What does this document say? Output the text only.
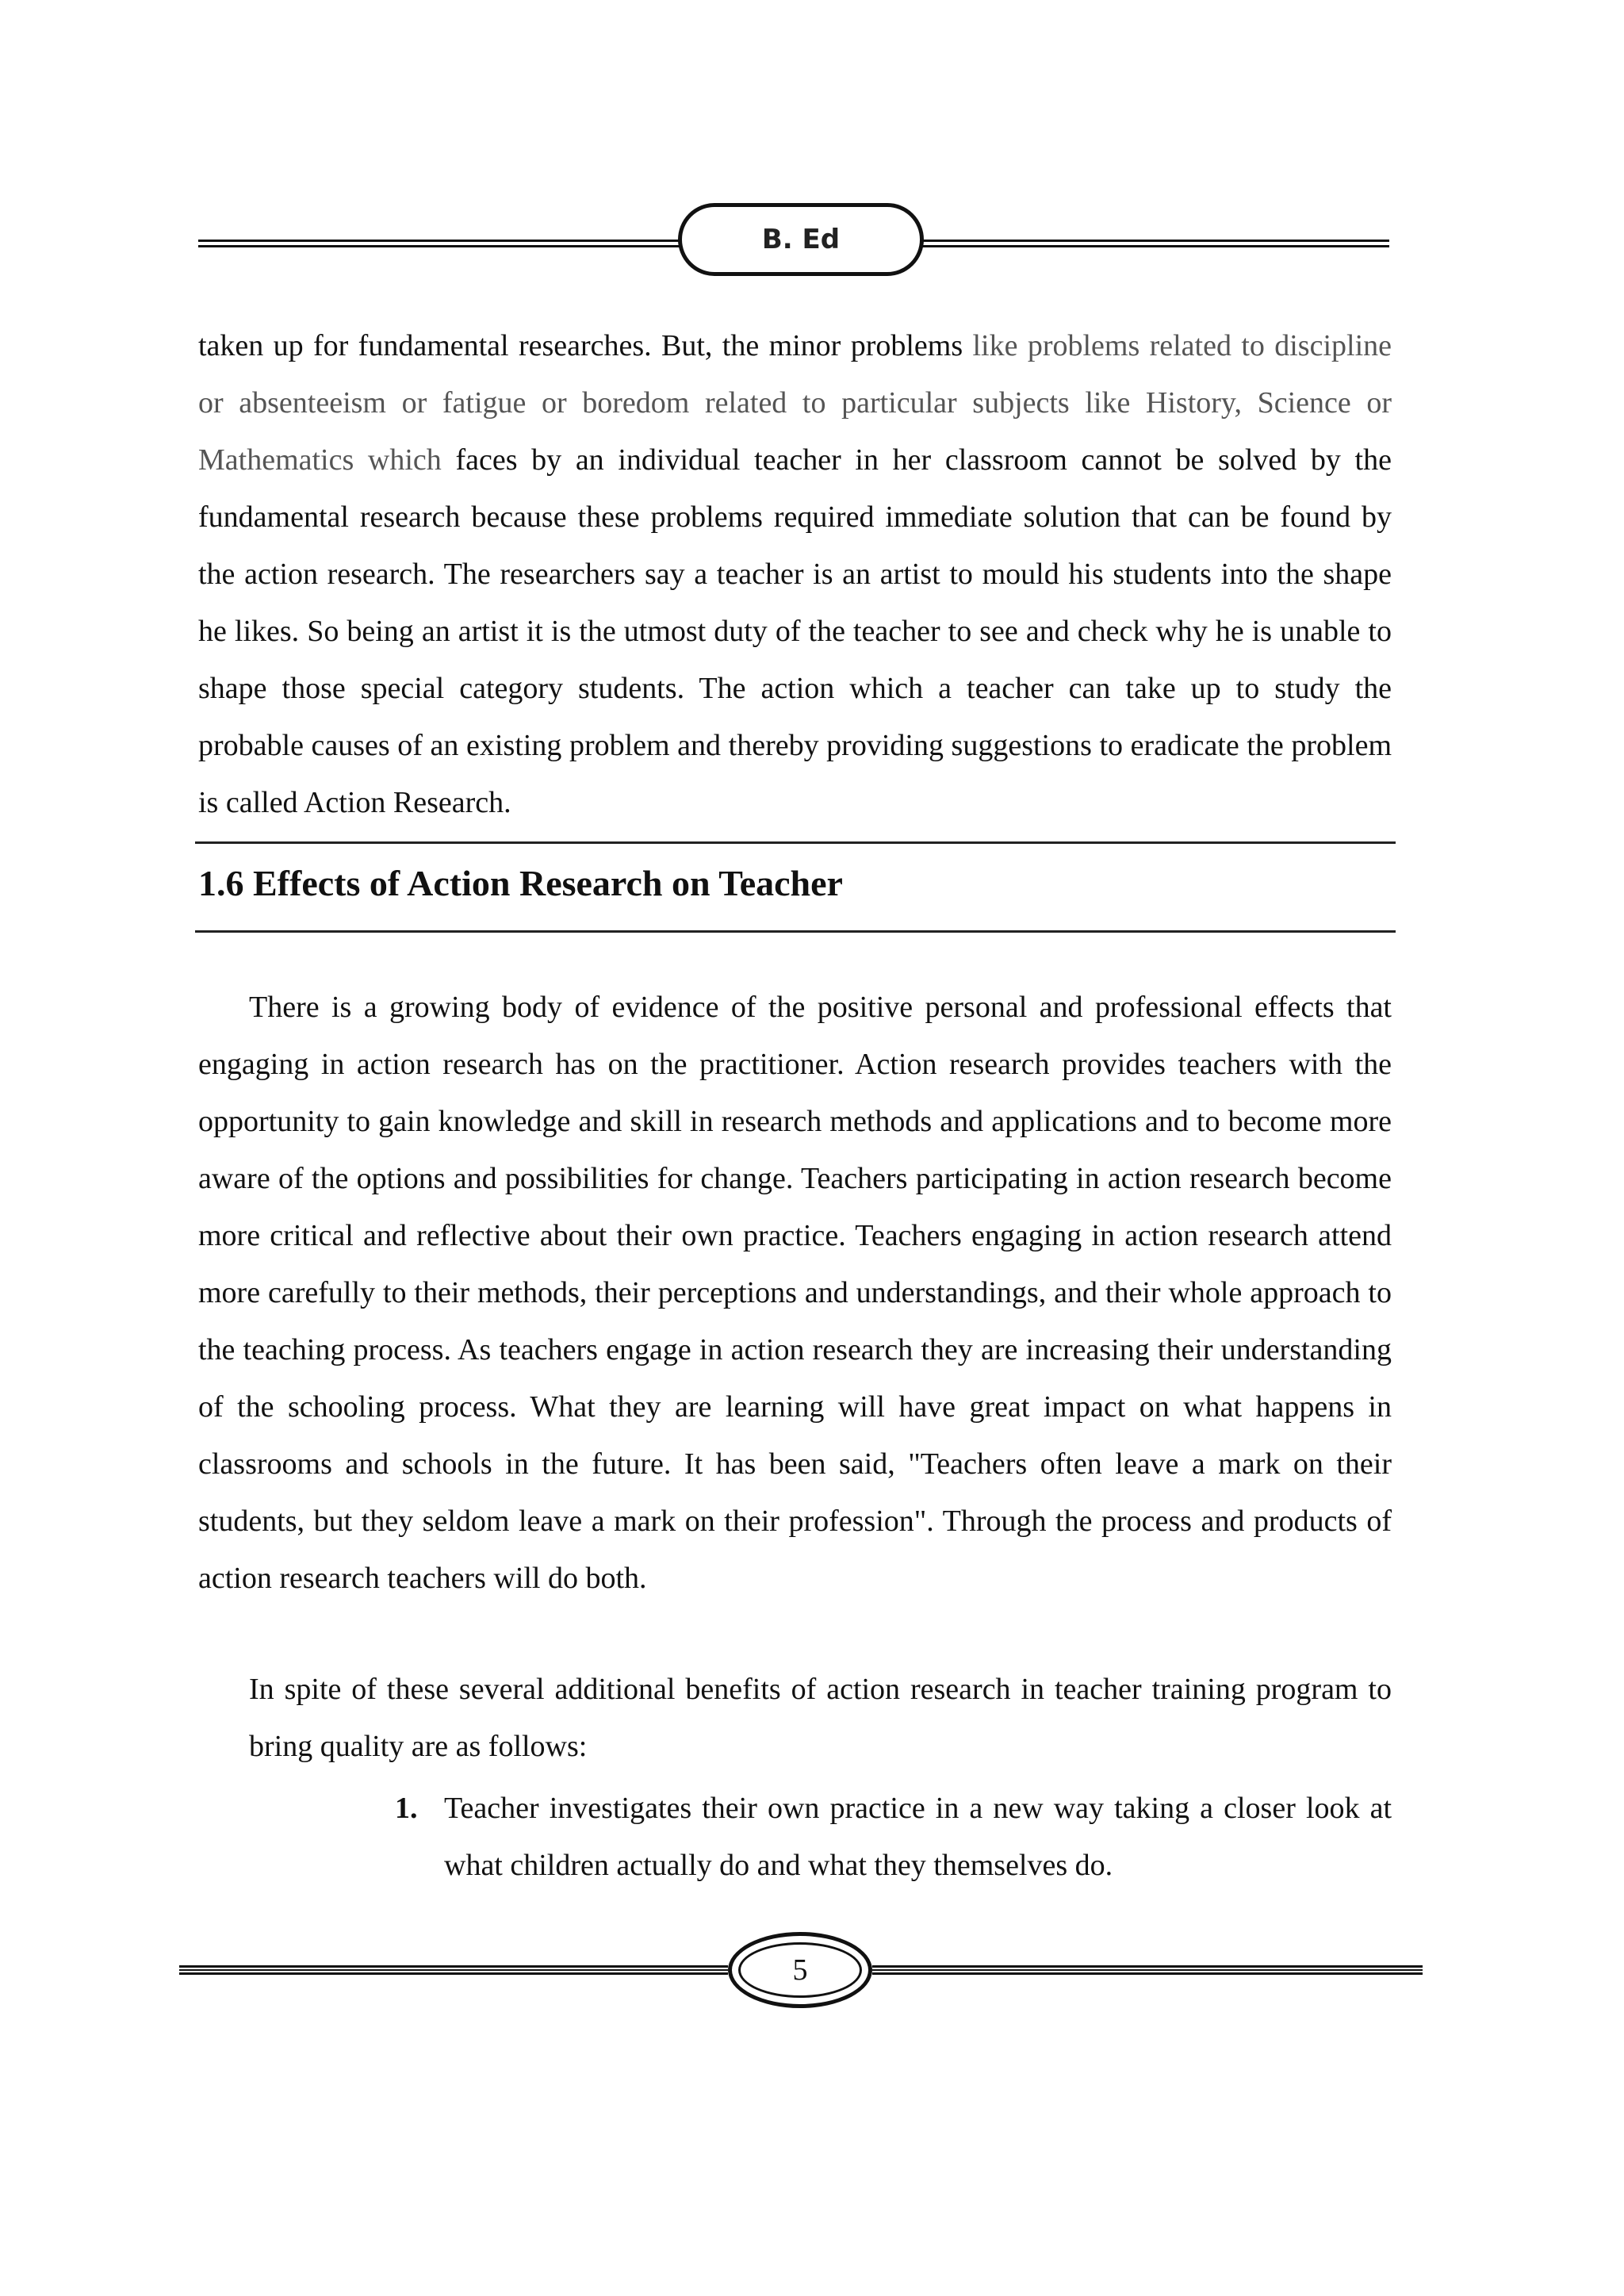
B. Ed

taken up for fundamental researches. But, the minor problems like problems related to discipline or absenteeism or fatigue or boredom related to particular subjects like History, Science or Mathematics which faces by an individual teacher in her classroom cannot be solved by the fundamental research because these problems required immediate solution that can be found by the action research. The researchers say a teacher is an artist to mould his students into the shape he likes. So being an artist it is the utmost duty of the teacher to see and check why he is unable to shape those special category students. The action which a teacher can take up to study the probable causes of an existing problem and thereby providing suggestions to eradicate the problem is called Action Research.

1.6 Effects of Action Research on Teacher

There is a growing body of evidence of the positive personal and professional effects that engaging in action research has on the practitioner. Action research provides teachers with the opportunity to gain knowledge and skill in research methods and applications and to become more aware of the options and possibilities for change. Teachers participating in action research become more critical and reflective about their own practice. Teachers engaging in action research attend more carefully to their methods, their perceptions and understandings, and their whole approach to the teaching process. As teachers engage in action research they are increasing their understanding of the schooling process. What they are learning will have great impact on what happens in classrooms and schools in the future. It has been said, "Teachers often leave a mark on their students, but they seldom leave a mark on their profession". Through the process and products of action research teachers will do both.

In spite of these several additional benefits of action research in teacher training program to bring quality are as follows:

1. Teacher investigates their own practice in a new way taking a closer look at what children actually do and what they themselves do.

5
